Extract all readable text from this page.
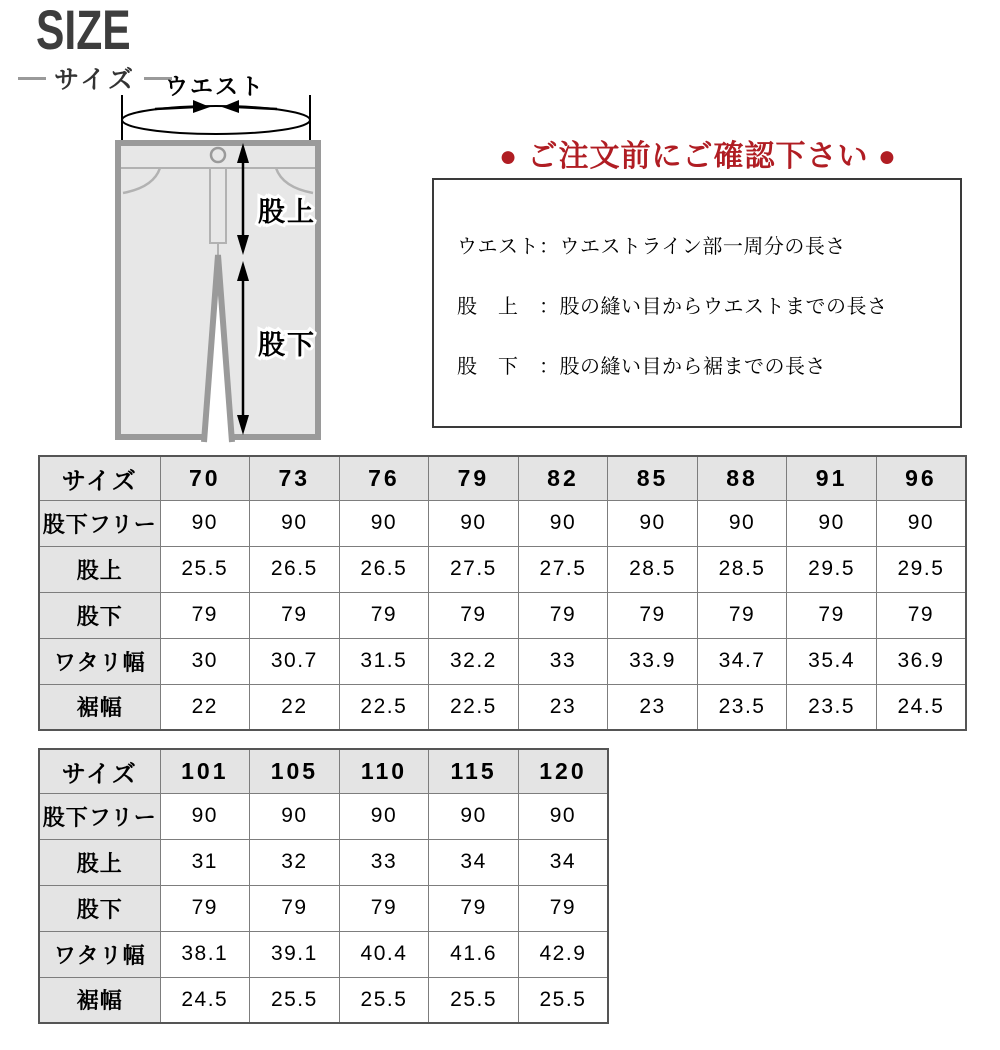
SIZE
サイズ ウエスト
股上
股下
● ご注文前にご確認下さい ●
ウエスト：ウエストライン部一周分の長さ
股　上　：股の縫い目からウエストまでの長さ
股　下　：股の縫い目から裾までの長さ
サイズ	70	73	76	79	82	85	88	91	96
股下フリー	90	90	90	90	90	90	90	90	90
股上	25.5	26.5	26.5	27.5	27.5	28.5	28.5	29.5	29.5
股下	79	79	79	79	79	79	79	79	79
ワタリ幅	30	30.7	31.5	32.2	33	33.9	34.7	35.4	36.9
裾幅	22	22	22.5	22.5	23	23	23.5	23.5	24.5
サイズ	101	105	110	115	120
股下フリー	90	90	90	90	90
股上	31	32	33	34	34
股下	79	79	79	79	79
ワタリ幅	38.1	39.1	40.4	41.6	42.9
裾幅	24.5	25.5	25.5	25.5	25.5
